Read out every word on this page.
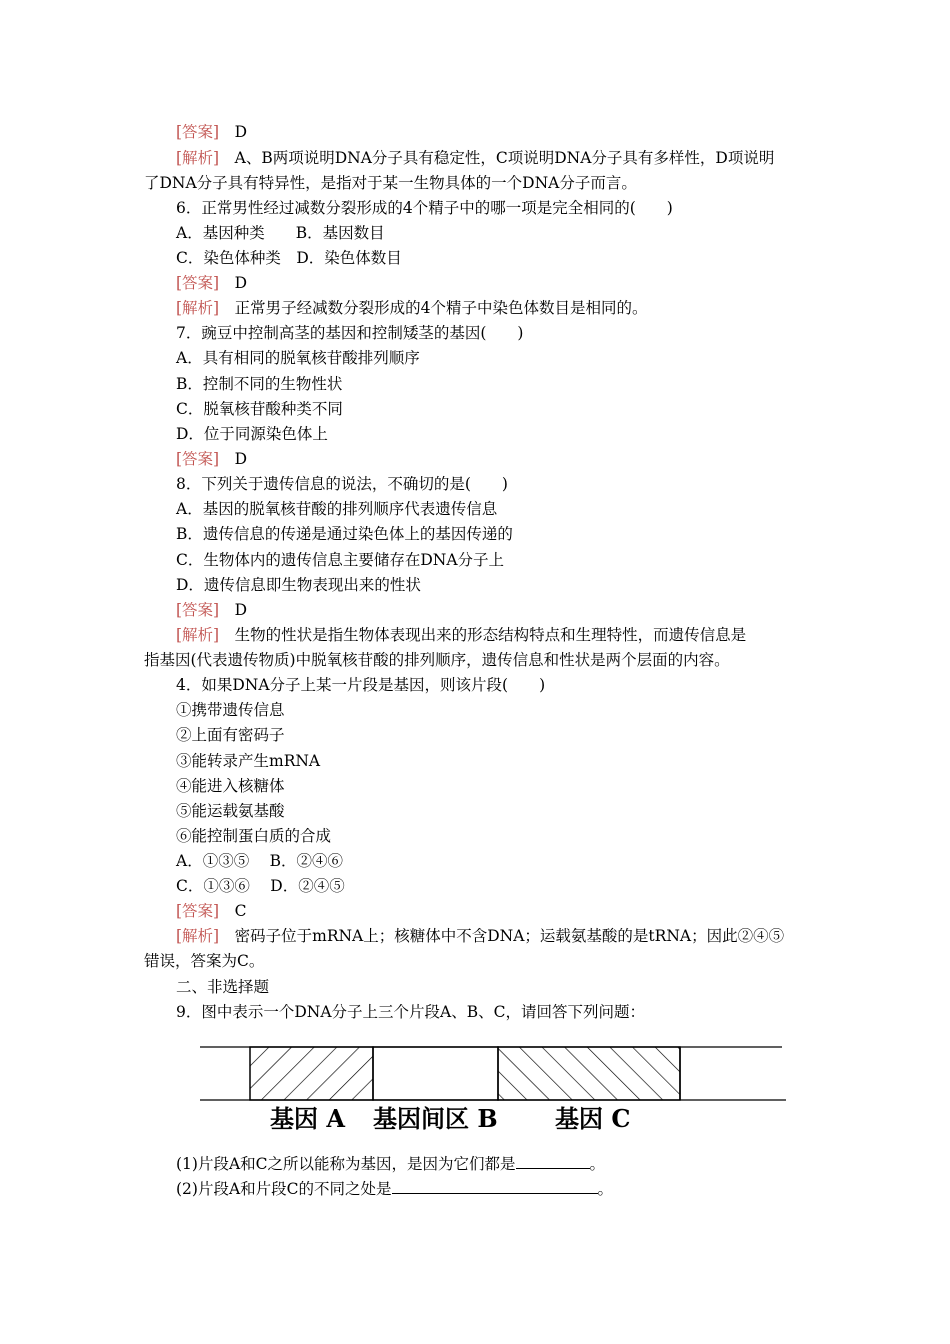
[答案]　 D
[解析]　 A、B两项说明DNA分子具有稳定性，C项说明DNA分子具有多样性，D项说明
了DNA分子具有特异性，是指对于某一生物具体的一个DNA分子而言。
6．正常男性经过减数分裂形成的4个精子中的哪一项是完全相同的(　　)
A．基因种类　　B．基因数目
C．染色体种类　D．染色体数目
[答案]　 D
[解析]　 正常男子经减数分裂形成的4个精子中染色体数目是相同的。
7．豌豆中控制高茎的基因和控制矮茎的基因(　　)
A．具有相同的脱氧核苷酸排列顺序
B．控制不同的生物性状
C．脱氧核苷酸种类不同
D．位于同源染色体上
[答案]　 D
8．下列关于遗传信息的说法，不确切的是(　　)
A．基因的脱氧核苷酸的排列顺序代表遗传信息
B．遗传信息的传递是通过染色体上的基因传递的
C．生物体内的遗传信息主要储存在DNA分子上
D．遗传信息即生物表现出来的性状
[答案]　 D
[解析]　 生物的性状是指生物体表现出来的形态结构特点和生理特性，而遗传信息是
指基因(代表遗传物质)中脱氧核苷酸的排列顺序，遗传信息和性状是两个层面的内容。
4．如果DNA分子上某一片段是基因，则该片段(　　)
①携带遗传信息
②上面有密码子
③能转录产生mRNA
④能进入核糖体
⑤能运载氨基酸
⑥能控制蛋白质的合成
A．①③⑤　 B．②④⑥
C．①③⑥　 D．②④⑤
[答案]　 C
[解析]　 密码子位于mRNA上；核糖体中不含DNA；运载氨基酸的是tRNA；因此②④⑤
错误，答案为C。
二、非选择题
9．图中表示一个DNA分子上三个片段A、B、C，请回答下列问题：
基因 A 基因间区 B 基因 C
(1)片段A和C之所以能称为基因，是因为它们都是	。
(2)片段A和片段C的不同之处是	。
